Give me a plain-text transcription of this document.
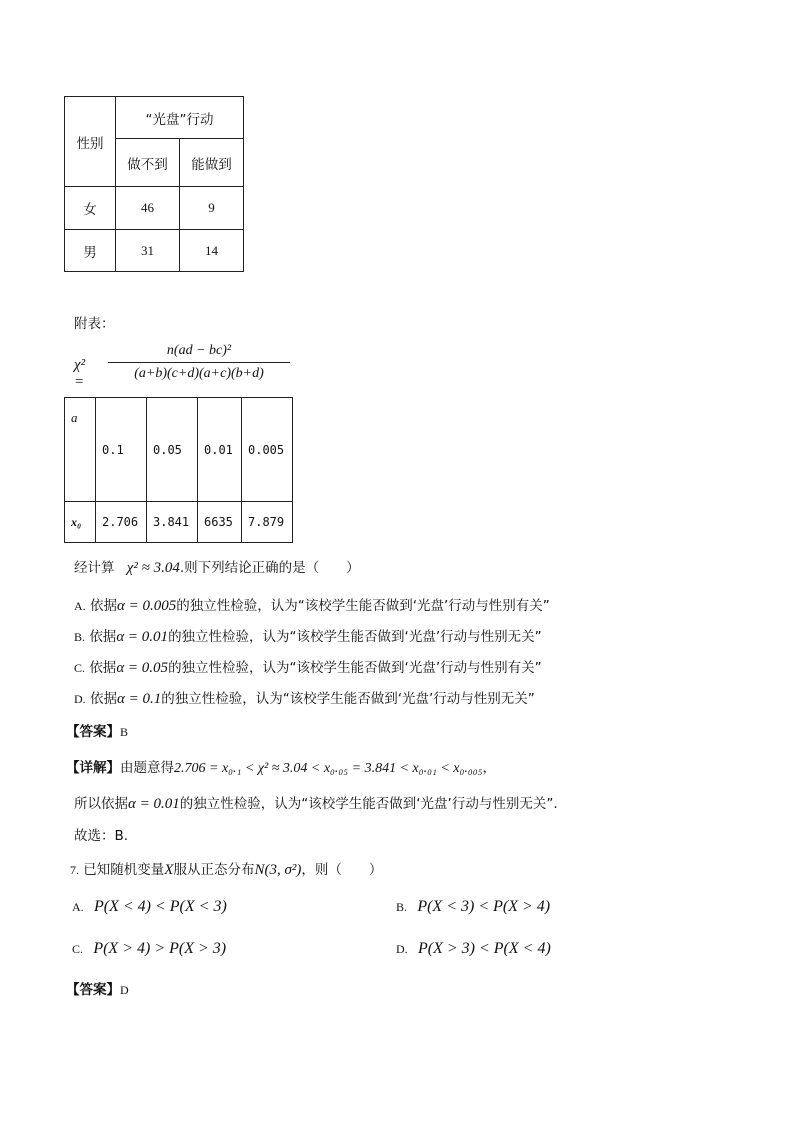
性别	“光盘”行动	
	做不到	能做到
女	46	9
男	31	14
附表：
χ² =
n(ad − bc)²
(a+b)(c+d)(a+c)(b+d)
a	0.1	0.05	0.01	0.005
x₀	2.706	3.841	6635	7.879
经计算 χ² ≈ 3.04.则下列结论正确的是（　　）
A. 依据α = 0.005的独立性检验，认为“该校学生能否做到‘光盘’行动与性别有关”
B. 依据α = 0.01的独立性检验，认为“该校学生能否做到‘光盘’行动与性别无关”
C. 依据α = 0.05的独立性检验，认为“该校学生能否做到‘光盘’行动与性别有关”
D. 依据α = 0.1的独立性检验，认为“该校学生能否做到‘光盘’行动与性别无关”
【答案】B
【详解】由题意得2.706 = x₀.₁ < χ² ≈ 3.04 < x₀.₀₅ = 3.841 < x₀.₀₁ < x₀.₀₀₅，
所以依据α = 0.01的独立性检验，认为“该校学生能否做到‘光盘’行动与性别无关”.
故选：B.
7. 已知随机变量X服从正态分布N(3, σ²)，则（　　）
A. P(X < 4) < P(X < 3)	B. P(X < 3) < P(X > 4)
C. P(X > 4) > P(X > 3)	D. P(X > 3) < P(X < 4)
【答案】D
